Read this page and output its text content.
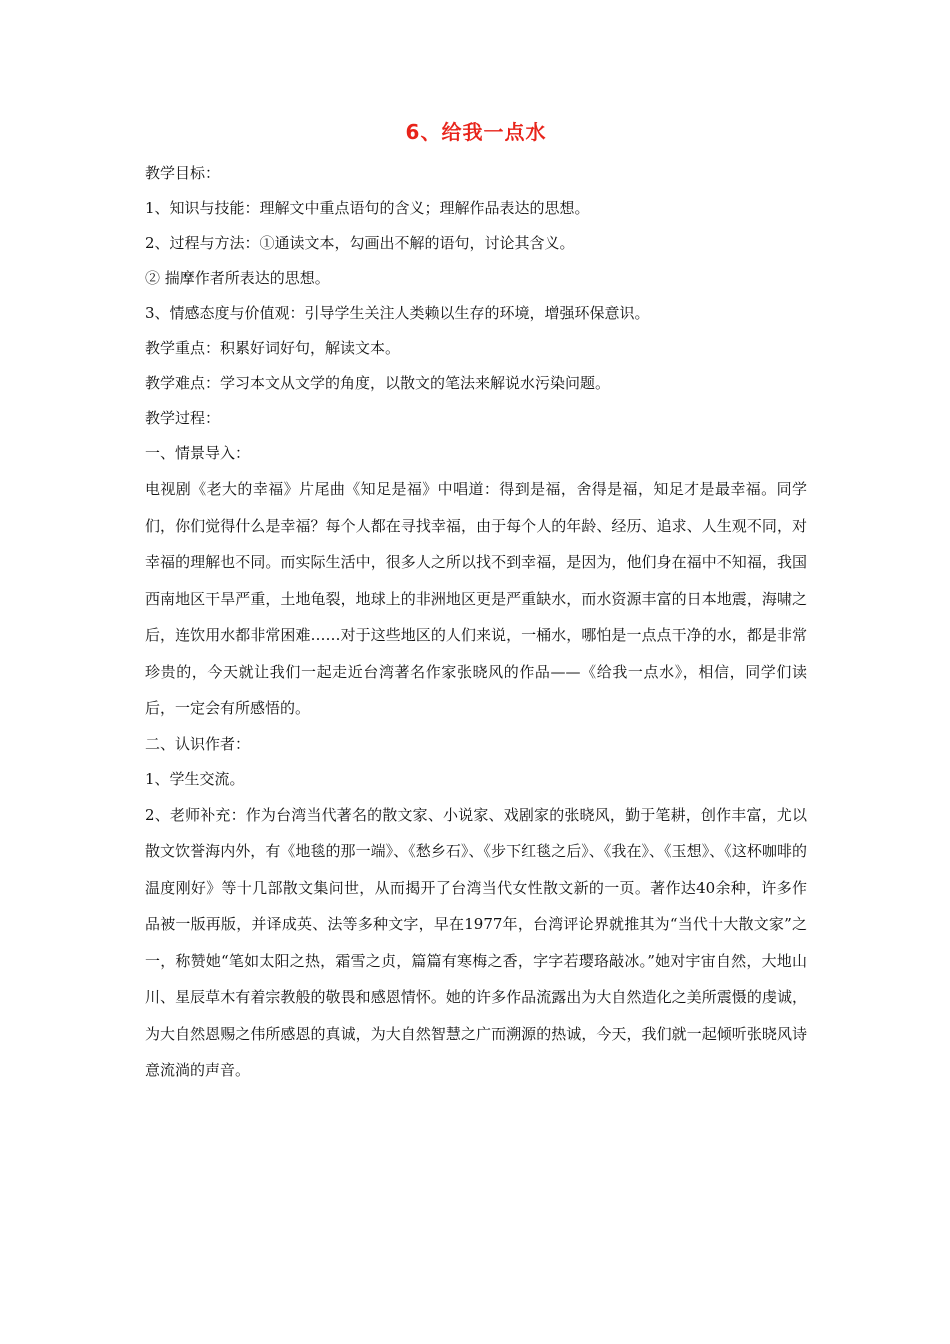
6、给我一点水

教学目标：

1、知识与技能：理解文中重点语句的含义；理解作品表达的思想。

2、过程与方法：①通读文本，勾画出不解的语句，讨论其含义。

② 揣摩作者所表达的思想。

3、情感态度与价值观：引导学生关注人类赖以生存的环境，增强环保意识。

教学重点：积累好词好句，解读文本。

教学难点：学习本文从文学的角度，以散文的笔法来解说水污染问题。

教学过程：

一、情景导入：

电视剧《老大的幸福》片尾曲《知足是福》中唱道：得到是福，舍得是福，知足才是最幸福。同学们，你们觉得什么是幸福？每个人都在寻找幸福，由于每个人的年龄、经历、追求、人生观不同，对幸福的理解也不同。而实际生活中，很多人之所以找不到幸福，是因为，他们身在福中不知福，我国西南地区干旱严重，土地龟裂，地球上的非洲地区更是严重缺水，而水资源丰富的日本地震，海啸之后，连饮用水都非常困难……对于这些地区的人们来说，一桶水，哪怕是一点点干净的水，都是非常珍贵的，今天就让我们一起走近台湾著名作家张晓风的作品——《给我一点水》，相信，同学们读后，一定会有所感悟的。

二、认识作者：

1、学生交流。

2、老师补充：作为台湾当代著名的散文家、小说家、戏剧家的张晓风，勤于笔耕，创作丰富，尤以散文饮誉海内外，有《地毯的那一端》、《愁乡石》、《步下红毯之后》、《我在》、《玉想》、《这杯咖啡的温度刚好》等十几部散文集问世，从而揭开了台湾当代女性散文新的一页。著作达40余种，许多作品被一版再版，并译成英、法等多种文字，早在1977年，台湾评论界就推其为“当代十大散文家”之一，称赞她“笔如太阳之热，霜雪之贞，篇篇有寒梅之香，字字若璎珞敲冰。”她对宇宙自然，大地山川、星辰草木有着宗教般的敬畏和感恩情怀。她的许多作品流露出为大自然造化之美所震慑的虔诚，为大自然恩赐之伟所感恩的真诚，为大自然智慧之广而溯源的热诚，今天，我们就一起倾听张晓风诗意流淌的声音。
